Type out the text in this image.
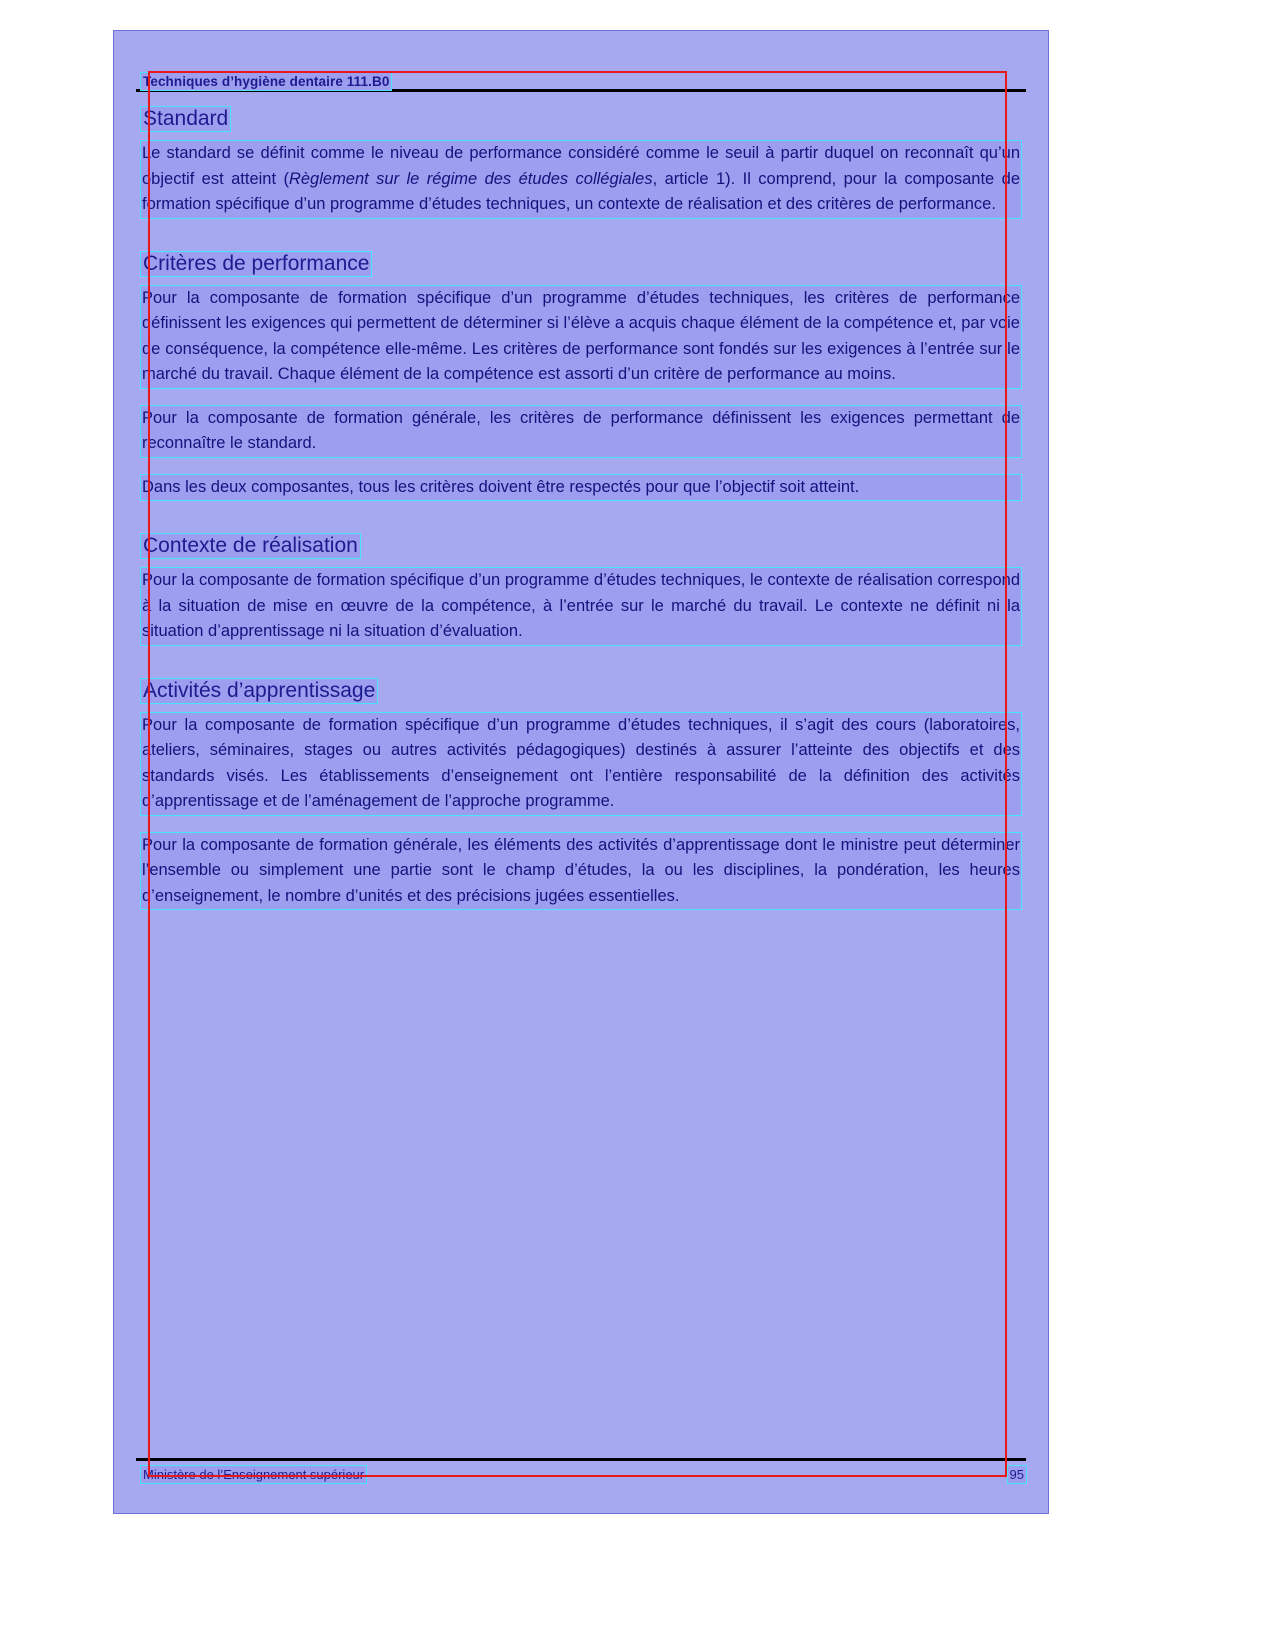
Techniques d’hygiène dentaire 111.B0
Standard

Le standard se définit comme le niveau de performance considéré comme le seuil à partir duquel on reconnaît qu’un objectif est atteint (Règlement sur le régime des études collégiales, article 1). Il comprend, pour la composante de formation spécifique d’un programme d’études techniques, un contexte de réalisation et des critères de performance.

Critères de performance

Pour la composante de formation spécifique d’un programme d’études techniques, les critères de performance définissent les exigences qui permettent de déterminer si l’élève a acquis chaque élément de la compétence et, par voie de conséquence, la compétence elle-même. Les critères de performance sont fondés sur les exigences à l’entrée sur le marché du travail. Chaque élément de la compétence est assorti d’un critère de performance au moins.

Pour la composante de formation générale, les critères de performance définissent les exigences permettant de reconnaître le standard.

Dans les deux composantes, tous les critères doivent être respectés pour que l’objectif soit atteint.

Contexte de réalisation

Pour la composante de formation spécifique d’un programme d’études techniques, le contexte de réalisation correspond à la situation de mise en œuvre de la compétence, à l’entrée sur le marché du travail. Le contexte ne définit ni la situation d’apprentissage ni la situation d’évaluation.

Activités d’apprentissage

Pour la composante de formation spécifique d’un programme d’études techniques, il s’agit des cours (laboratoires, ateliers, séminaires, stages ou autres activités pédagogiques) destinés à assurer l’atteinte des objectifs et des standards visés. Les établissements d’enseignement ont l’entière responsabilité de la définition des activités d’apprentissage et de l’aménagement de l’approche programme.

Pour la composante de formation générale, les éléments des activités d’apprentissage dont le ministre peut déterminer l’ensemble ou simplement une partie sont le champ d’études, la ou les disciplines, la pondération, les heures d’enseignement, le nombre d’unités et des précisions jugées essentielles.

Ministère de l’Enseignement supérieur	95
